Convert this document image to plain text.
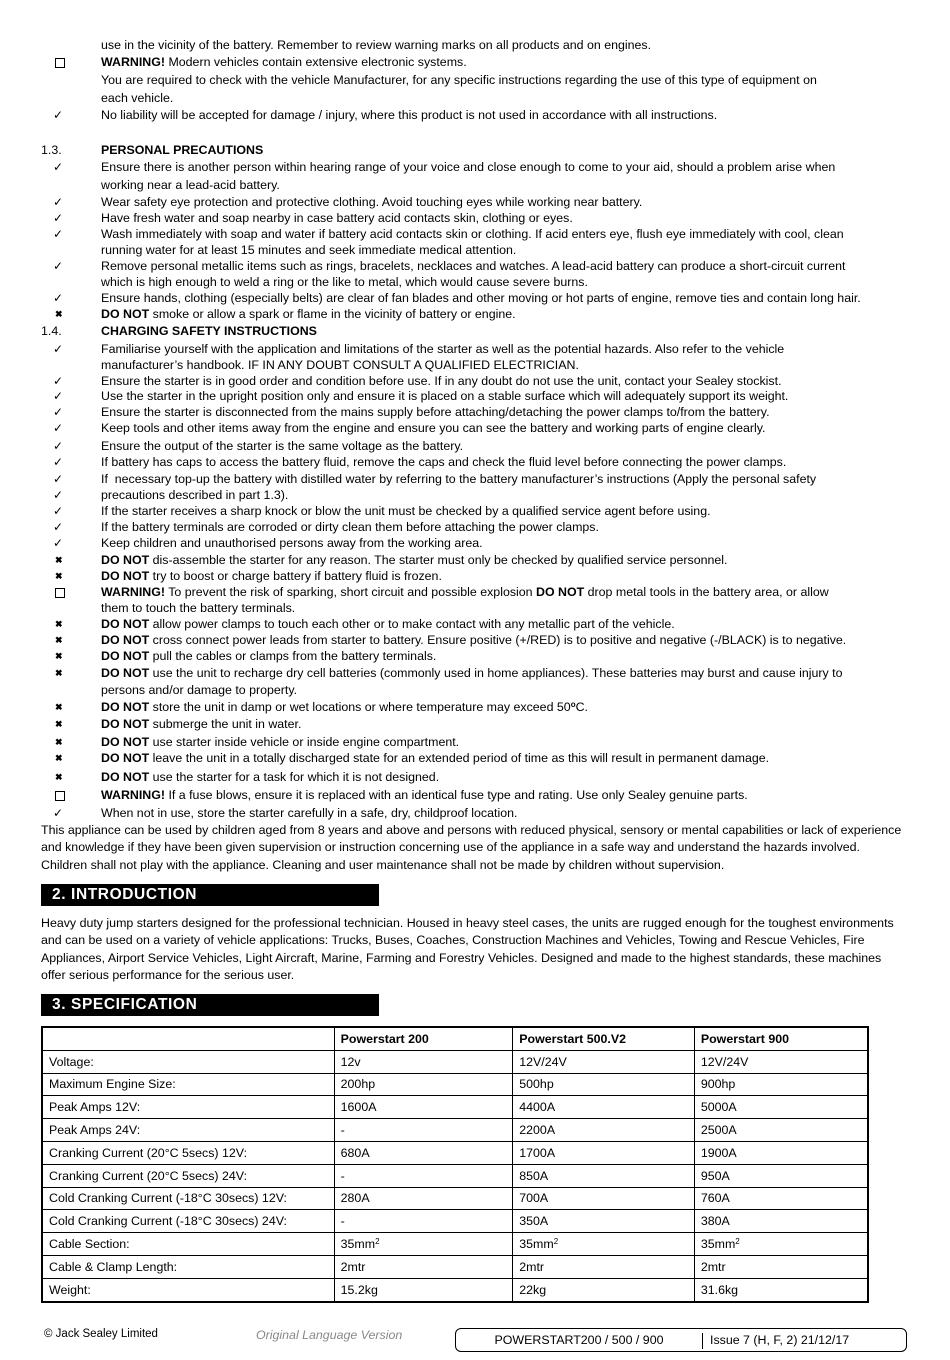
use in the vicinity of the battery. Remember to review warning marks on all products and on engines.
WARNING! Modern vehicles contain extensive electronic systems.
You are required to check with the vehicle Manufacturer, for any specific instructions regarding the use of this type of equipment on
each vehicle.
✓	No liability will be accepted for damage / injury, where this product is not used in accordance with all instructions.
1.3.	PERSONAL PRECAUTIONS
✓	Ensure there is another person within hearing range of your voice and close enough to come to your aid, should a problem arise when
working near a lead-acid battery.
✓	Wear safety eye protection and protective clothing. Avoid touching eyes while working near battery.
✓	Have fresh water and soap nearby in case battery acid contacts skin, clothing or eyes.
✓	Wash immediately with soap and water if battery acid contacts skin or clothing. If acid enters eye, flush eye immediately with cool, clean
running water for at least 15 minutes and seek immediate medical attention.
✓	Remove personal metallic items such as rings, bracelets, necklaces and watches. A lead-acid battery can produce a short-circuit current
which is high enough to weld a ring or the like to metal, which would cause severe burns.
✓	Ensure hands, clothing (especially belts) are clear of fan blades and other moving or hot parts of engine, remove ties and contain long hair.
✖	DO NOT smoke or allow a spark or flame in the vicinity of battery or engine.
1.4.	CHARGING SAFETY INSTRUCTIONS
✓	Familiarise yourself with the application and limitations of the starter as well as the potential hazards. Also refer to the vehicle
manufacturer’s handbook. IF IN ANY DOUBT CONSULT A QUALIFIED ELECTRICIAN.
✓	Ensure the starter is in good order and condition before use. If in any doubt do not use the unit, contact your Sealey stockist.
✓	Use the starter in the upright position only and ensure it is placed on a stable surface which will adequately support its weight.
✓	Ensure the starter is disconnected from the mains supply before attaching/detaching the power clamps to/from the battery.
✓	Keep tools and other items away from the engine and ensure you can see the battery and working parts of engine clearly.
✓	Ensure the output of the starter is the same voltage as the battery.
✓	If battery has caps to access the battery fluid, remove the caps and check the fluid level before connecting the power clamps.
✓	If  necessary top-up the battery with distilled water by referring to the battery manufacturer’s instructions (Apply the personal safety
✓	precautions described in part 1.3).
✓	If the starter receives a sharp knock or blow the unit must be checked by a qualified service agent before using.
✓	If the battery terminals are corroded or dirty clean them before attaching the power clamps.
✓	Keep children and unauthorised persons away from the working area.
✖	DO NOT dis-assemble the starter for any reason. The starter must only be checked by qualified service personnel.
✖	DO NOT try to boost or charge battery if battery fluid is frozen.
WARNING! To prevent the risk of sparking, short circuit and possible explosion DO NOT drop metal tools in the battery area, or allow
them to touch the battery terminals.
✖	DO NOT allow power clamps to touch each other or to make contact with any metallic part of the vehicle.
✖	DO NOT cross connect power leads from starter to battery. Ensure positive (+/RED) is to positive and negative (-/BLACK) is to negative.
✖	DO NOT pull the cables or clamps from the battery terminals.
✖	DO NOT use the unit to recharge dry cell batteries (commonly used in home appliances). These batteries may burst and cause injury to
persons and/or damage to property.
✖	DO NOT store the unit in damp or wet locations or where temperature may exceed 50$^o$C.
✖	DO NOT submerge the unit in water.
✖	DO NOT use starter inside vehicle or inside engine compartment.
✖	DO NOT leave the unit in a totally discharged state for an extended period of time as this will result in permanent damage.
✖	DO NOT use the starter for a task for which it is not designed.
WARNING! If a fuse blows, ensure it is replaced with an identical fuse type and rating. Use only Sealey genuine parts.
✓	When not in use, store the starter carefully in a safe, dry, childproof location.
This appliance can be used by children aged from 8 years and above and persons with reduced physical, sensory or mental capabilities or lack of experience and knowledge if they have been given supervision or instruction concerning use of the appliance in a safe way and understand the hazards involved. Children shall not play with the appliance. Cleaning and user maintenance shall not be made by children without supervision.
2. INTRODUCTION
Heavy duty jump starters designed for the professional technician. Housed in heavy steel cases, the units are rugged enough for the toughest environments and can be used on a variety of vehicle applications: Trucks, Buses, Coaches, Construction Machines and Vehicles, Towing and Rescue Vehicles, Fire Appliances, Airport Service Vehicles, Light Aircraft, Marine, Farming and Forestry Vehicles. Designed and made to the highest standards, these machines offer serious performance for the serious user.
3. SPECIFICATION
	Powerstart 200	Powerstart 500.V2	Powerstart 900
Voltage:	12v	12V/24V	12V/24V
Maximum Engine Size:	200hp	500hp	900hp
Peak Amps 12V:	1600A	4400A	5000A
Peak Amps 24V:	-	2200A	2500A
Cranking Current (20°C 5secs) 12V:	680A	1700A	1900A
Cranking Current (20°C 5secs) 24V:	-	850A	950A
Cold Cranking Current (-18°C 30secs) 12V:	280A	700A	760A
Cold Cranking Current (-18°C 30secs) 24V:	-	350A	380A
Cable Section:	$35mm^2$	$35mm^2$	$35mm^2$
Cable & Clamp Length:	2mtr	2mtr	2mtr
Weight:	15.2kg	22kg	31.6kg
© Jack Sealey Limited	Original Language Version	POWERSTART200 / 500 / 900	Issue 7 (H, F, 2) 21/12/17
